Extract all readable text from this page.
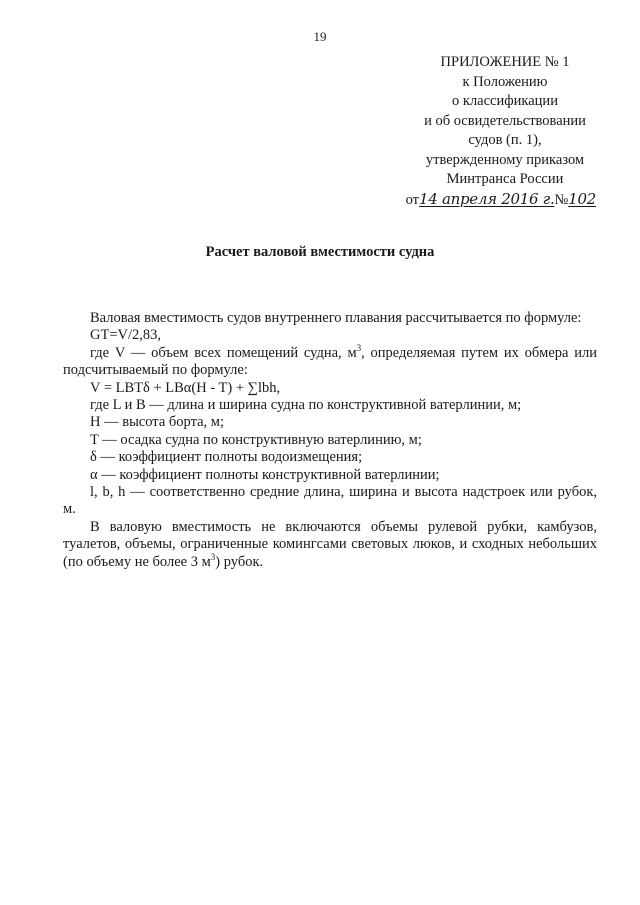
19
ПРИЛОЖЕНИЕ № 1
к Положению
о классификации
и об освидетельствовании
судов (п. 1),
утвержденному приказом
Минтранса России
от14 апреля 2016 г.№102
Расчет валовой вместимости судна
Валовая вместимость судов внутреннего плавания рассчитывается по формуле:
GT=V/2,83,
где V — объем всех помещений судна, $м^3$, определяемая путем их обмера или подсчитываемый по формуле:
V = LBTδ + LBα(H - T) + ∑lbh,
где L и B — длина и ширина судна по конструктивной ватерлинии, м;
H — высота борта, м;
T — осадка судна по конструктивную ватерлинию, м;
δ — коэффициент полноты водоизмещения;
α — коэффициент полноты конструктивной ватерлинии;
l, b, h — соответственно средние длина, ширина и высота надстроек или рубок, м.
В валовую вместимость не включаются объемы рулевой рубки, камбузов, туалетов, объемы, ограниченные комингсами световых люков, и сходных небольших (по объему не более 3 $м^3$) рубок.
